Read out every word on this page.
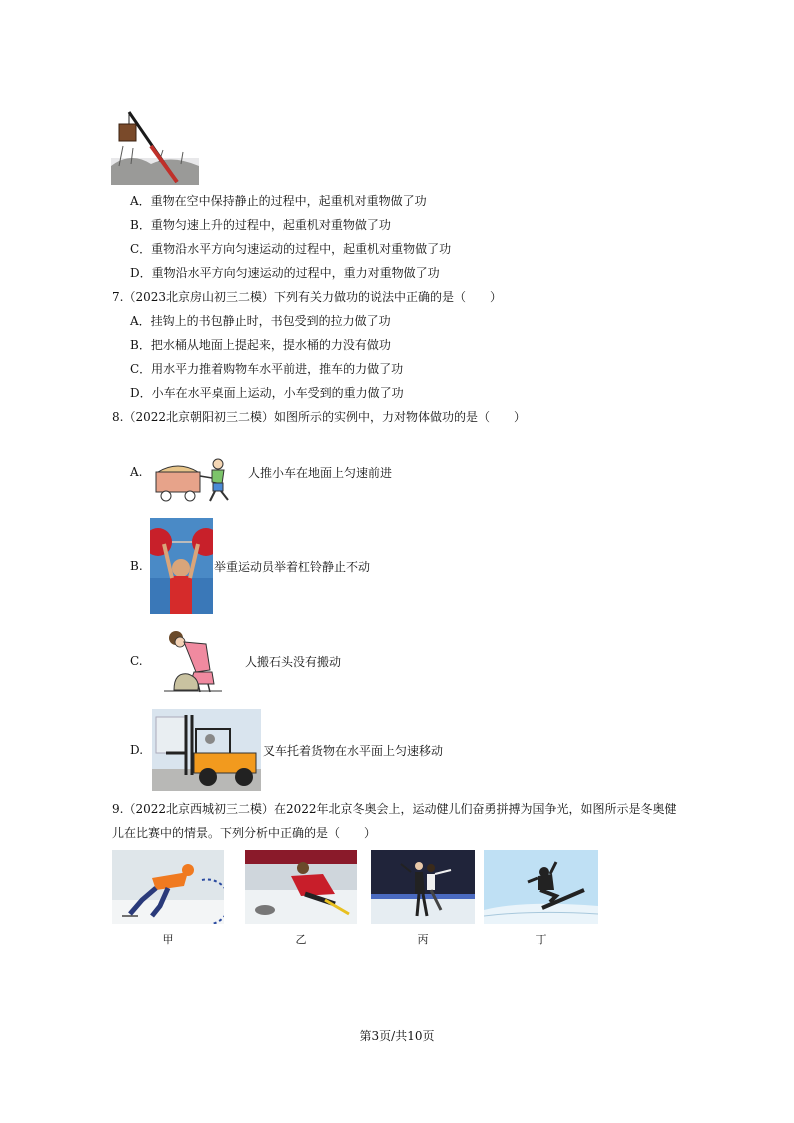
A．重物在空中保持静止的过程中，起重机对重物做了功
B．重物匀速上升的过程中，起重机对重物做了功
C．重物沿水平方向匀速运动的过程中，起重机对重物做了功
D．重物沿水平方向匀速运动的过程中，重力对重物做了功
7.（2023北京房山初三二模）下列有关力做功的说法中正确的是（　　）
A．挂钩上的书包静止时，书包受到的拉力做了功
B．把水桶从地面上提起来，提水桶的力没有做功
C．用水平力推着购物车水平前进，推车的力做了功
D．小车在水平桌面上运动，小车受到的重力做了功
8.（2022北京朝阳初三二模）如图所示的实例中，力对物体做功的是（　　）
A.	人推小车在地面上匀速前进
B.	举重运动员举着杠铃静止不动
C.	人搬石头没有搬动
D.	叉车托着货物在水平面上匀速移动
9.（2022北京西城初三二模）在2022年北京冬奥会上，运动健儿们奋勇拼搏为国争光，如图所示是冬奥健
儿在比赛中的情景。下列分析中正确的是（　　）
甲	乙	丙	丁
第3页/共10页
